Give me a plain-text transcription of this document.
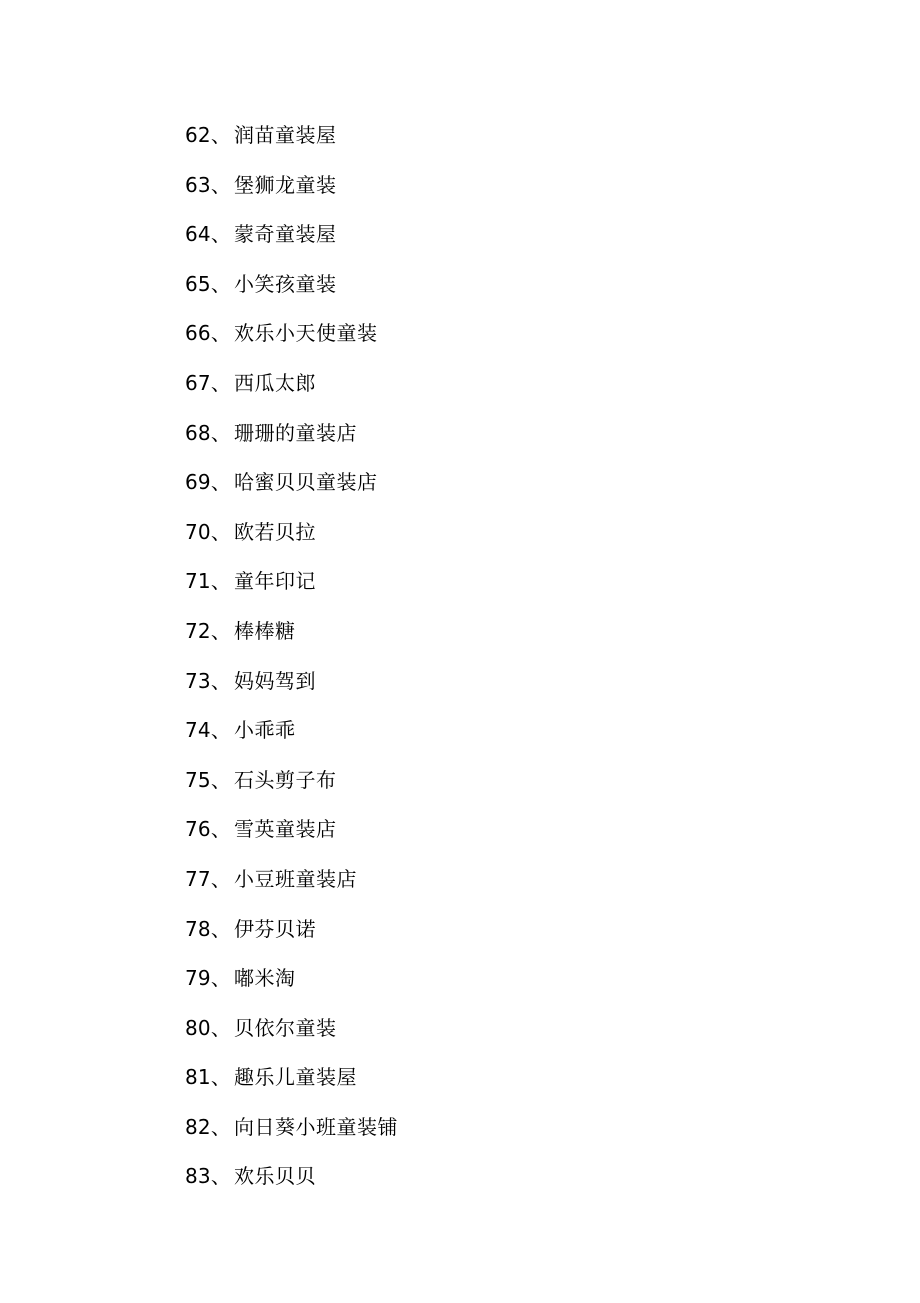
62、 润苗童装屋
63、 堡狮龙童装
64、 蒙奇童装屋
65、 小笑孩童装
66、 欢乐小天使童装
67、 西瓜太郎
68、 珊珊的童装店
69、 哈蜜贝贝童装店
70、 欧若贝拉
71、 童年印记
72、 棒棒糖
73、 妈妈驾到
74、 小乖乖
75、 石头剪子布
76、 雪英童装店
77、 小豆班童装店
78、 伊芬贝诺
79、 嘟米淘
80、 贝依尔童装
81、 趣乐儿童装屋
82、 向日葵小班童装铺
83、 欢乐贝贝
